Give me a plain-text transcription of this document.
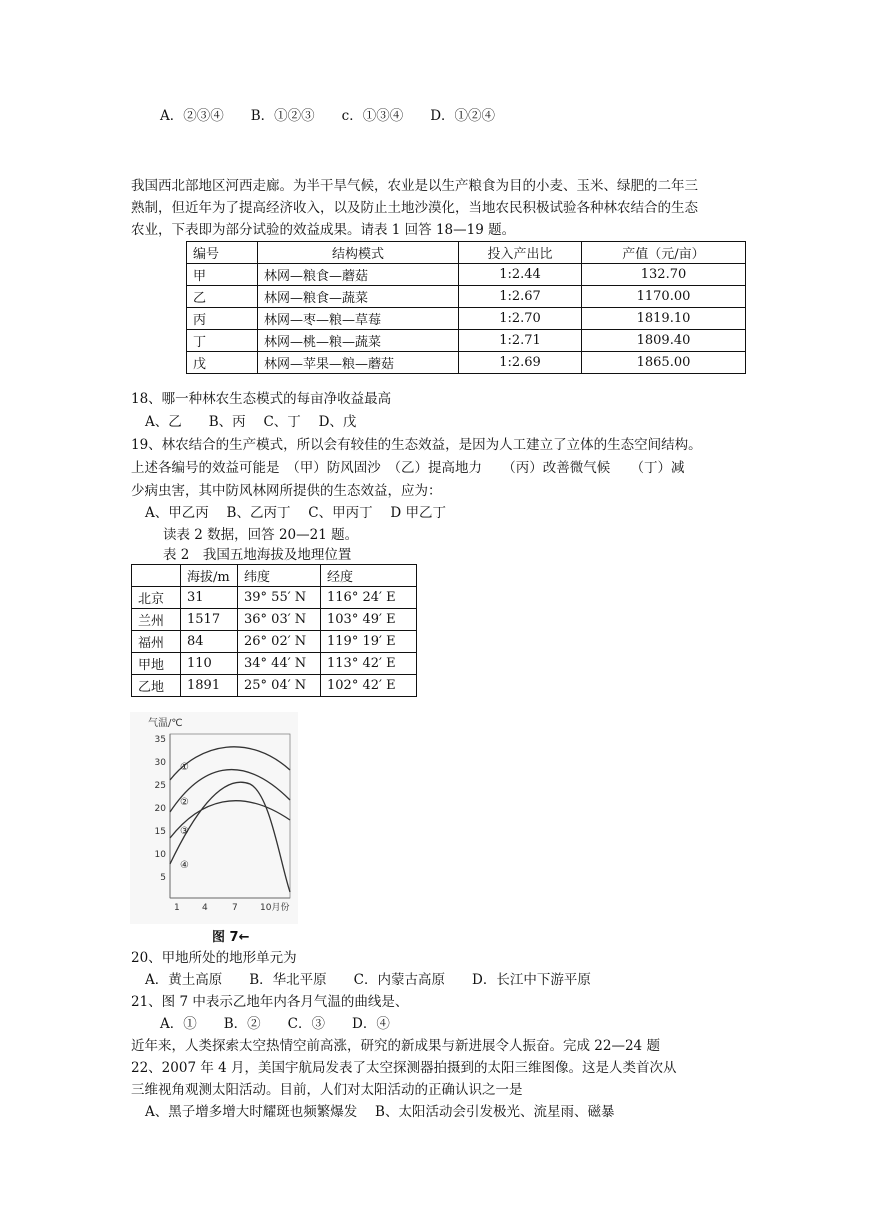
A．②③④　　B．①②③　　c．①③④　　D．①②④
我国西北部地区河西走廊。为半干旱气候，农业是以生产粮食为目的小麦、玉米、绿肥的二年三
熟制，但近年为了提高经济收入，以及防止土地沙漠化，当地农民积极试验各种林农结合的生态
农业，下表即为部分试验的效益成果。请表 1 回答 18—19 题。
编号	结构模式	投入产出比	产值（元/亩）
甲	林网—粮食—蘑菇	1:2.44	132.70
乙	林网—粮食—蔬菜	1:2.67	1170.00
丙	林网—枣—粮—草莓	1:2.70	1819.10
丁	林网—桃—粮—蔬菜	1:2.71	1809.40
戊	林网—苹果—粮—蘑菇	1:2.69	1865.00
18、哪一种林农生态模式的每亩净收益最高
A、乙　　B、丙　 C、丁　 D、戊
19、林农结合的生产模式，所以会有较佳的生态效益，是因为人工建立了立体的生态空间结构。
上述各编号的效益可能是　（甲）防风固沙　（乙）提高地力　　（丙）改善微气候　　（丁）减
少病虫害，其中防风林网所提供的生态效益，应为：
A、甲乙丙　 B、乙丙丁　 C、甲丙丁　 D 甲乙丁
读表 2 数据，回答 20—21 题。
表 2　我国五地海拔及地理位置
	海拔/m	纬度	经度
北京	31	39° 55′ N	116° 24′ E
兰州	1517	36° 03′ N	103° 49′ E
福州	84	26° 02′ N	119° 19′ E
甲地	110	34° 44′ N	113° 42′ E
乙地	1891	25° 04′ N	102° 42′ E
气温/℃
35
30
25
20
15
10
5
1 4	7 10月份
①
②
③
④
图 7←
20、甲地所处的地形单元为
A．黄土高原　　B．华北平原　　C．内蒙古高原　　D．长江中下游平原
21、图 7 中表示乙地年内各月气温的曲线是、
A．①　　B．②　　C．③　　D．④
近年来，人类探索太空热情空前高涨，研究的新成果与新进展令人振奋。完成 22—24 题
22、2007 年 4 月，美国宇航局发表了太空探测器拍摄到的太阳三维图像。这是人类首次从
三维视角观测太阳活动。目前，人们对太阳活动的正确认识之一是
A、黑子增多增大时耀斑也频繁爆发　 B、太阳活动会引发极光、流星雨、磁暴
